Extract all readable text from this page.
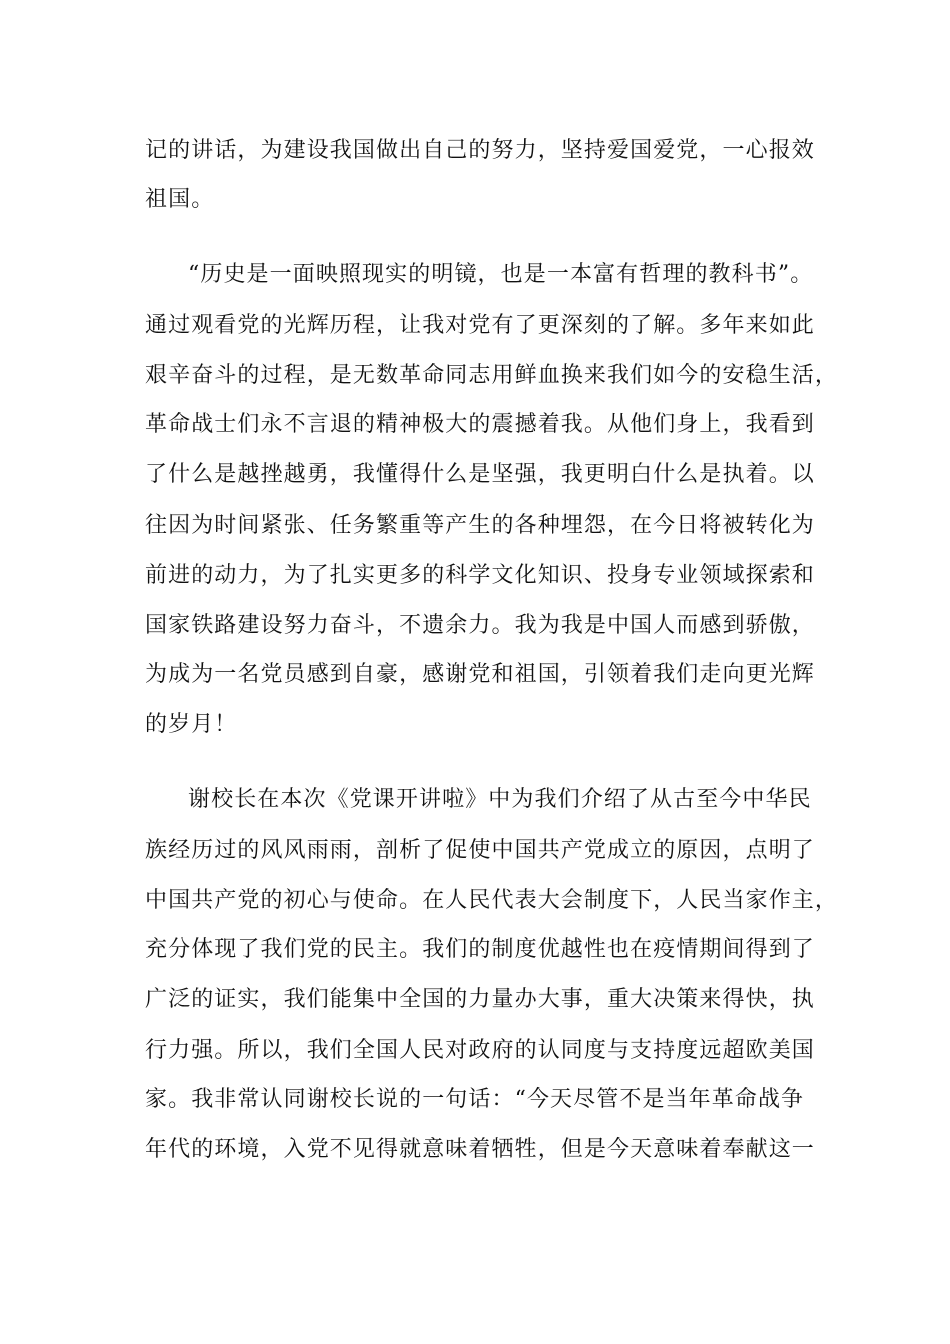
记的讲话，为建设我国做出自己的努力，坚持爱国爱党，一心报效

祖国。

“历史是一面映照现实的明镜，也是一本富有哲理的教科书”。

通过观看党的光辉历程，让我对党有了更深刻的了解。多年来如此

艰辛奋斗的过程，是无数革命同志用鲜血换来我们如今的安稳生活，

革命战士们永不言退的精神极大的震撼着我。从他们身上，我看到

了什么是越挫越勇，我懂得什么是坚强，我更明白什么是执着。以

往因为时间紧张、任务繁重等产生的各种埋怨，在今日将被转化为

前进的动力，为了扎实更多的科学文化知识、投身专业领域探索和

国家铁路建设努力奋斗，不遗余力。我为我是中国人而感到骄傲，

为成为一名党员感到自豪，感谢党和祖国，引领着我们走向更光辉

的岁月！

谢校长在本次《党课开讲啦》中为我们介绍了从古至今中华民

族经历过的风风雨雨，剖析了促使中国共产党成立的原因，点明了

中国共产党的初心与使命。在人民代表大会制度下，人民当家作主，

充分体现了我们党的民主。我们的制度优越性也在疫情期间得到了

广泛的证实，我们能集中全国的力量办大事，重大决策来得快，执

行力强。所以，我们全国人民对政府的认同度与支持度远超欧美国

家。我非常认同谢校长说的一句话：“今天尽管不是当年革命战争

年代的环境，入党不见得就意味着牺牲，但是今天意味着奉献这一
